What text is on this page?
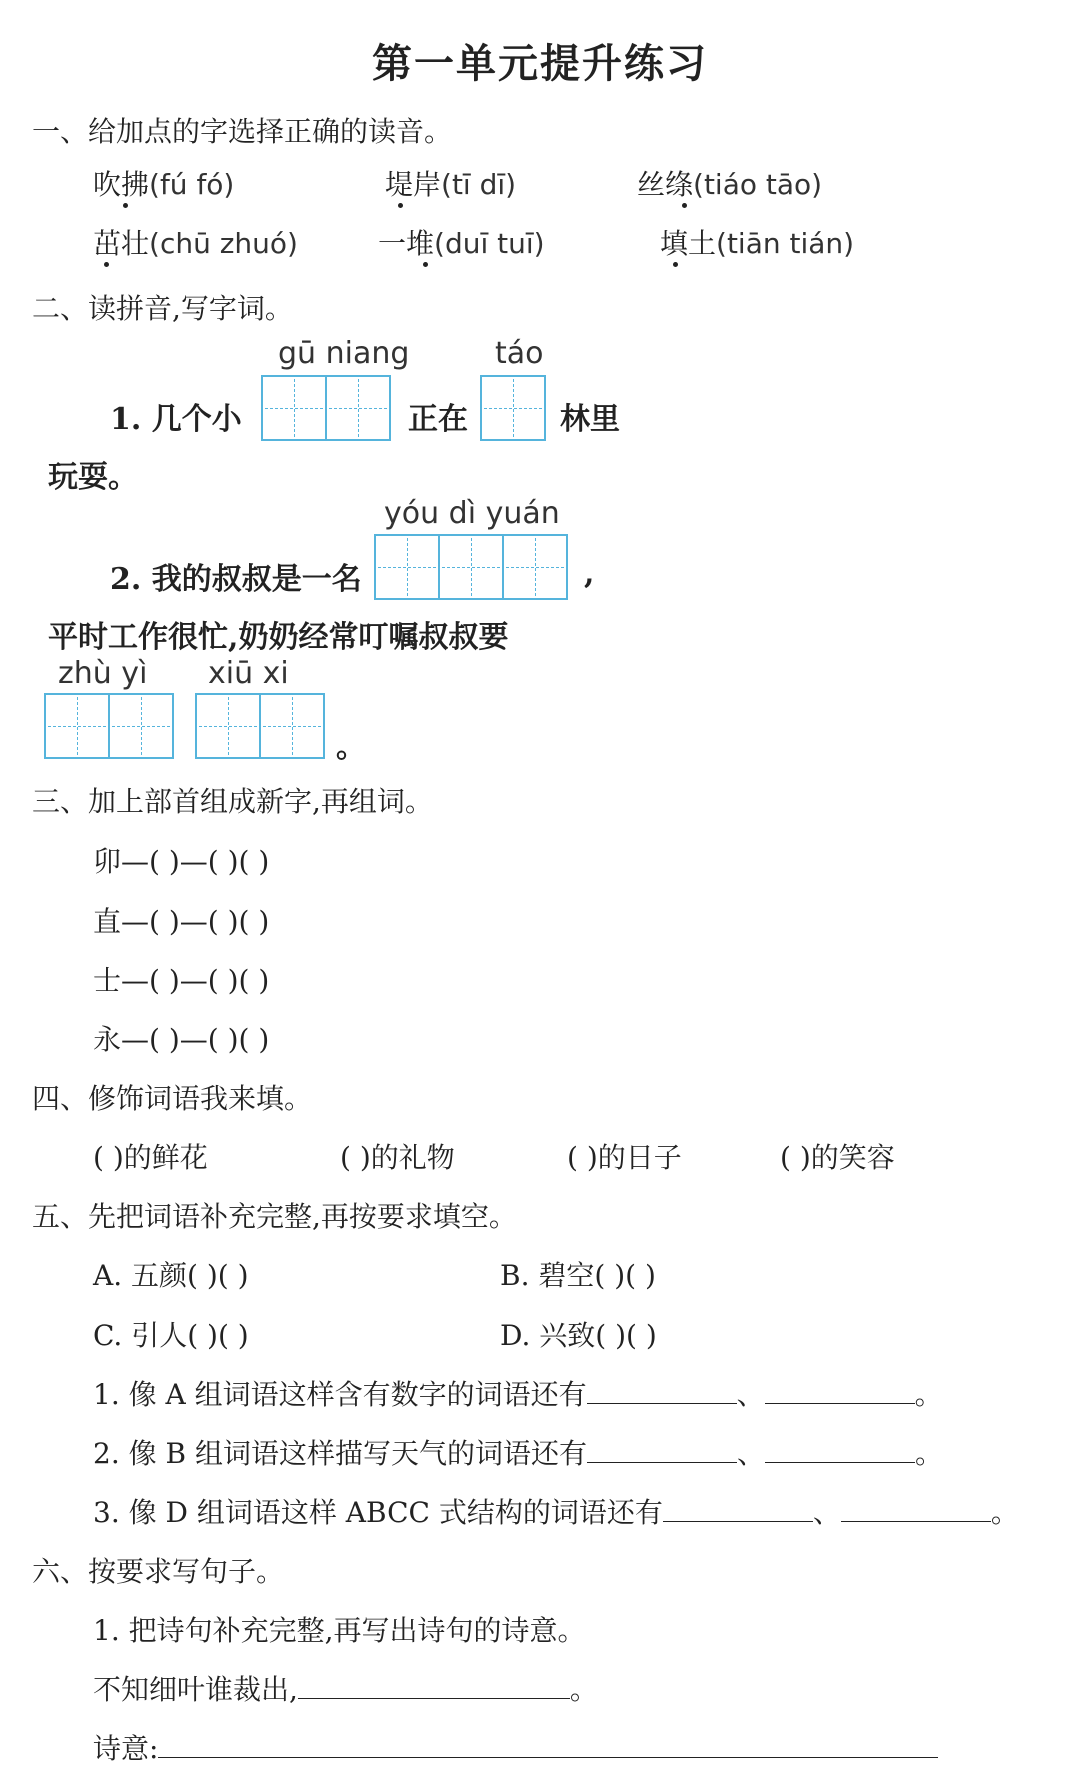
第一单元提升练习
一、给加点的字选择正确的读音。
吹拂(fú fó)	堤岸(tī dī)	丝绦(tiáo tāo)
茁壮(chū zhuó)	一堆(duī tuī)	填土(tiān tián)
二、读拼音,写字词。
gū niang	táo
1. 几个小	正在	林里
玩耍。
yóu dì yuán
2. 我的叔叔是一名	,
平时工作很忙,奶奶经常叮嘱叔叔要
zhù yì xiū xi
。
三、加上部首组成新字,再组词。
卯—( )—( )( )
直—( )—( )( )
士—( )—( )( )
永—( )—( )( )
四、修饰词语我来填。
( )的鲜花	( )的礼物	( )的日子	( )的笑容
五、先把词语补充完整,再按要求填空。
A. 五颜( )( )	B. 碧空( )( )
C. 引人( )( )	D. 兴致( )( )
1. 像 A 组词语这样含有数字的词语还有	、	。
2. 像 B 组词语这样描写天气的词语还有	、	。
3. 像 D 组词语这样 ABCC 式结构的词语还有	、	。
六、按要求写句子。
1. 把诗句补充完整,再写出诗句的诗意。
不知细叶谁裁出,	。
诗意:
